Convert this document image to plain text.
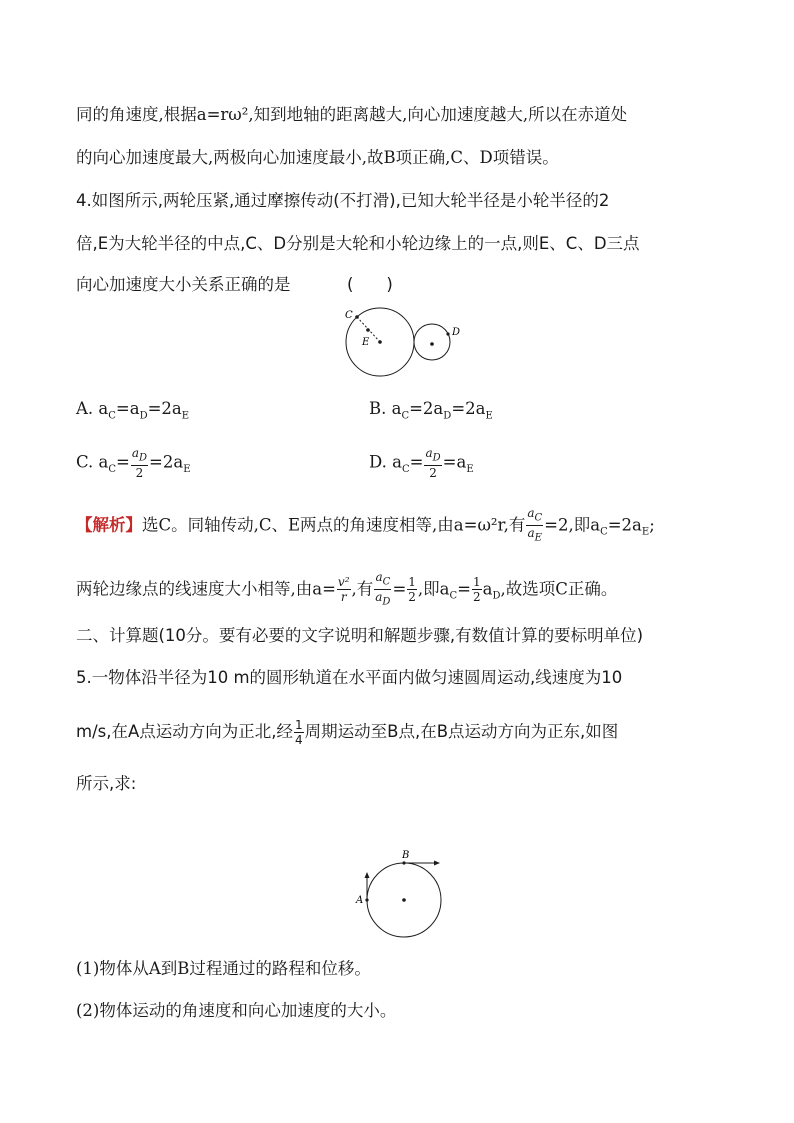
同的角速度,根据a=rω²,知到地轴的距离越大,向心加速度越大,所以在赤道处
的向心加速度最大,两极向心加速度最小,故B项正确,C、D项错误。
4.如图所示,两轮压紧,通过摩擦传动(不打滑),已知大轮半径是小轮半径的2
倍,E为大轮半径的中点,C、D分别是大轮和小轮边缘上的一点,则E、C、D三点
向心加速度大小关系正确的是	(　　)
C
E
D
A. $a_C=a_D=2a_E$	B. $a_C=2a_D=2a_E$
C. $a_C= \frac{a_D}{2} =2a_E$	D. $a_C= \frac{a_D}{2} =a_E$
【解析】选C。同轴传动,C、E两点的角速度相等,由a=ω²r,有 $\frac{a_C}{a_E} =2$,即$a_C=2a_E$;
两轮边缘点的线速度大小相等,由$a= \frac{\text{v²}}{r}$ ,有 $\frac{a_C}{a_D} = \frac{1}{2}$ ,即$a_C= \frac{1}{2} a_D$,故选项C正确。
二、计算题(10分。要有必要的文字说明和解题步骤,有数值计算的要标明单位)
5.一物体沿半径为10 m的圆形轨道在水平面内做匀速圆周运动,线速度为10
m/s,在A点运动方向为正北,经 $\frac{1}{4}$ 周期运动至B点,在B点运动方向为正东,如图
所示,求:
A
B
(1)物体从A到B过程通过的路程和位移。
(2)物体运动的角速度和向心加速度的大小。
